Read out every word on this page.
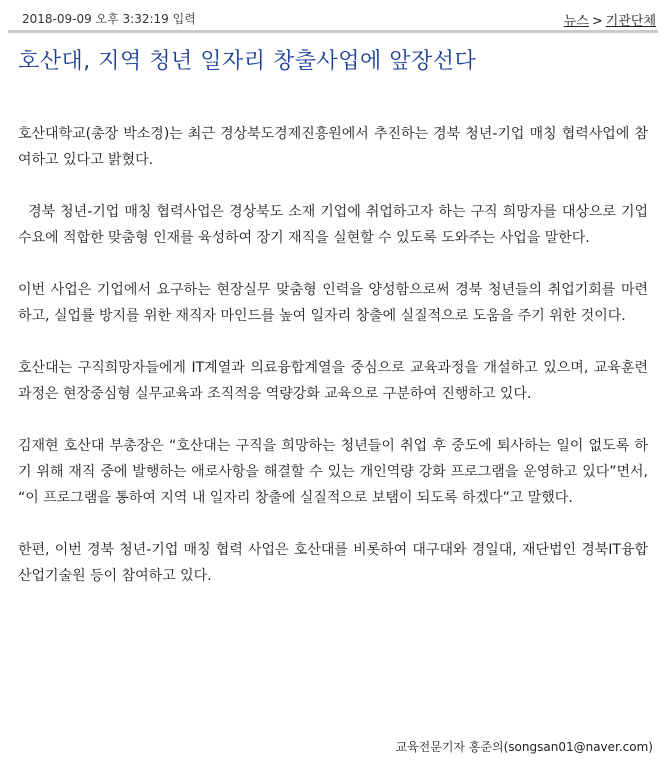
2018-09-09 오후 3:32:19 입력	뉴스 > 기관단체
호산대, 지역 청년 일자리 창출사업에 앞장선다

호산대학교(총장 박소경)는 최근 경상북도경제진흥원에서 추진하는 경북 청년-기업 매칭 협력사업에 참여하고 있다고 밝혔다.

경북 청년-기업 매칭 협력사업은 경상북도 소재 기업에 취업하고자 하는 구직 희망자를 대상으로 기업 수요에 적합한 맞춤형 인재를 육성하여 장기 재직을 실현할 수 있도록 도와주는 사업을 말한다.

이번 사업은 기업에서 요구하는 현장실무 맞춤형 인력을 양성함으로써 경북 청년들의 취업기회를 마련하고, 실업률 방지를 위한 재직자 마인드를 높여 일자리 창출에 실질적으로 도움을 주기 위한 것이다.

호산대는 구직희망자들에게 IT계열과 의료융합계열을 중심으로 교육과정을 개설하고 있으며, 교육훈련과정은 현장중심형 실무교육과 조직적응 역량강화 교육으로 구분하여 진행하고 있다.

김재현 호산대 부총장은 “호산대는 구직을 희망하는 청년들이 취업 후 중도에 퇴사하는 일이 없도록 하기 위해 재직 중에 발행하는 애로사항을 해결할 수 있는 개인역량 강화 프로그램을 운영하고 있다”면서, “이 프로그램을 통하여 지역 내 일자리 창출에 실질적으로 보탬이 되도록 하겠다”고 말했다.

한편, 이번 경북 청년-기업 매칭 협력 사업은 호산대를 비롯하여 대구대와 경일대, 재단법인 경북IT융합산업기술원 등이 참여하고 있다.

교육전문기자 홍준의(songsan01@naver.com)
